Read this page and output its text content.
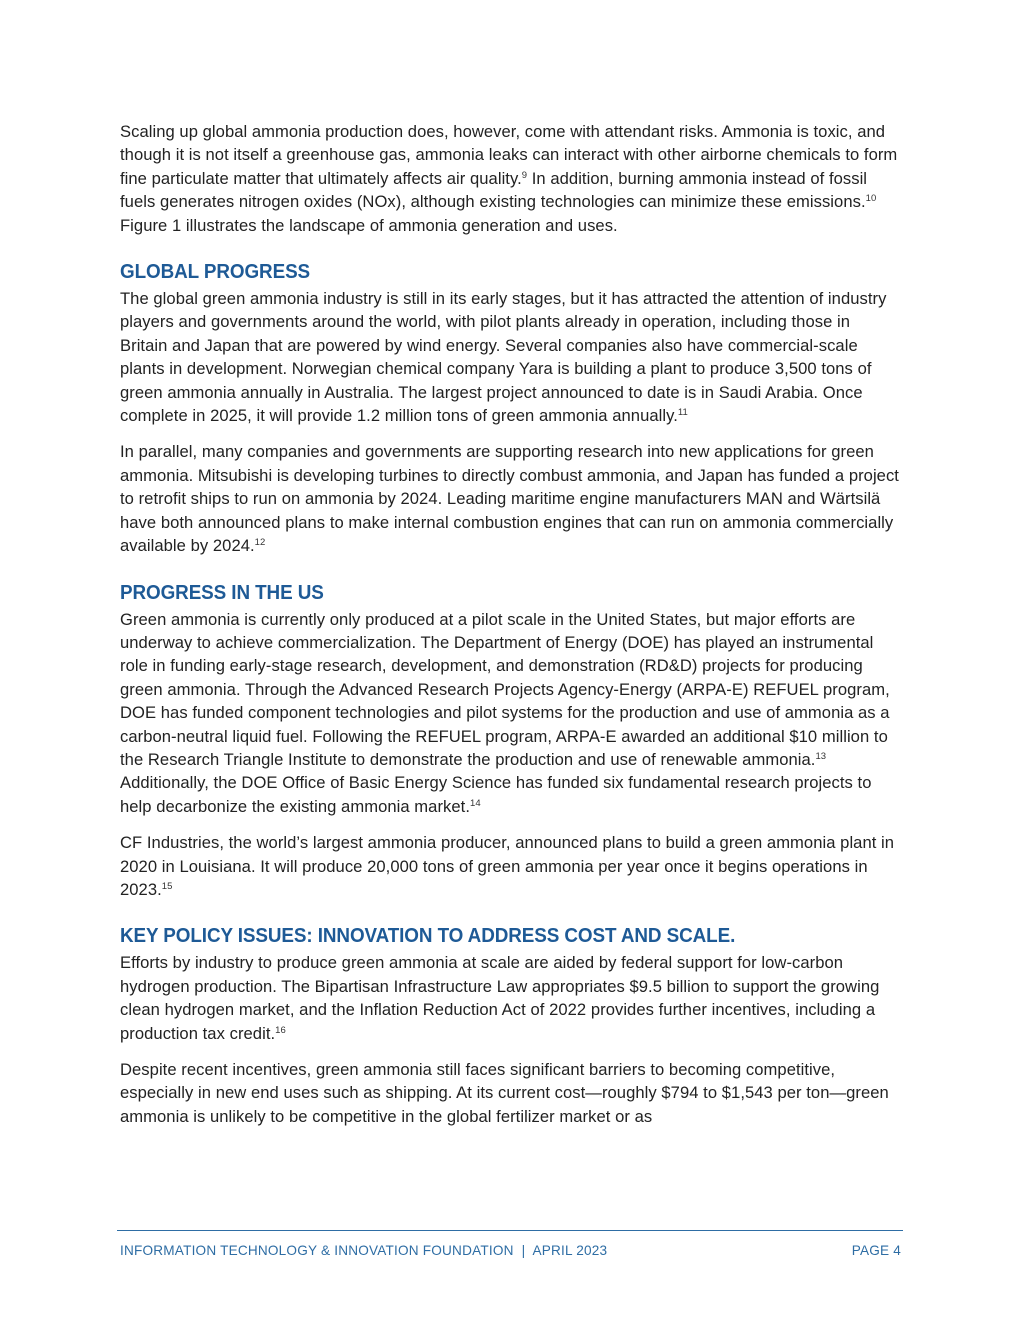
Scaling up global ammonia production does, however, come with attendant risks. Ammonia is toxic, and though it is not itself a greenhouse gas, ammonia leaks can interact with other airborne chemicals to form fine particulate matter that ultimately affects air quality.$^9$ In addition, burning ammonia instead of fossil fuels generates nitrogen oxides (NOx), although existing technologies can minimize these emissions.$^{10}$ Figure 1 illustrates the landscape of ammonia generation and uses.

GLOBAL PROGRESS

The global green ammonia industry is still in its early stages, but it has attracted the attention of industry players and governments around the world, with pilot plants already in operation, including those in Britain and Japan that are powered by wind energy. Several companies also have commercial-scale plants in development. Norwegian chemical company Yara is building a plant to produce 3,500 tons of green ammonia annually in Australia. The largest project announced to date is in Saudi Arabia. Once complete in 2025, it will provide 1.2 million tons of green ammonia annually.$^{11}$

In parallel, many companies and governments are supporting research into new applications for green ammonia. Mitsubishi is developing turbines to directly combust ammonia, and Japan has funded a project to retrofit ships to run on ammonia by 2024. Leading maritime engine manufacturers MAN and Wärtsilä have both announced plans to make internal combustion engines that can run on ammonia commercially available by 2024.12

PROGRESS IN THE US

Green ammonia is currently only produced at a pilot scale in the United States, but major efforts are underway to achieve commercialization. The Department of Energy (DOE) has played an instrumental role in funding early-stage research, development, and demonstration (RD&D) projects for producing green ammonia. Through the Advanced Research Projects Agency-Energy (ARPA-E) REFUEL program, DOE has funded component technologies and pilot systems for the production and use of ammonia as a carbon-neutral liquid fuel. Following the REFUEL program, ARPA-E awarded an additional $10 million to the Research Triangle Institute to demonstrate the production and use of renewable ammonia.$^{13}$ Additionally, the DOE Office of Basic Energy Science has funded six fundamental research projects to help decarbonize the existing ammonia market.$^{14}$

CF Industries, the world’s largest ammonia producer, announced plans to build a green ammonia plant in 2020 in Louisiana. It will produce 20,000 tons of green ammonia per year once it begins operations in 2023.15

KEY POLICY ISSUES: INNOVATION TO ADDRESS COST AND SCALE.

Efforts by industry to produce green ammonia at scale are aided by federal support for low-carbon hydrogen production. The Bipartisan Infrastructure Law appropriates $9.5 billion to support the growing clean hydrogen market, and the Inflation Reduction Act of 2022 provides further incentives, including a production tax credit.$^{16}$

Despite recent incentives, green ammonia still faces significant barriers to becoming competitive, especially in new end uses such as shipping. At its current cost—roughly $794 to $1,543 per ton—green ammonia is unlikely to be competitive in the global fertilizer market or as

INFORMATION TECHNOLOGY & INNOVATION FOUNDATION  |  APRIL 2023	PAGE 4
